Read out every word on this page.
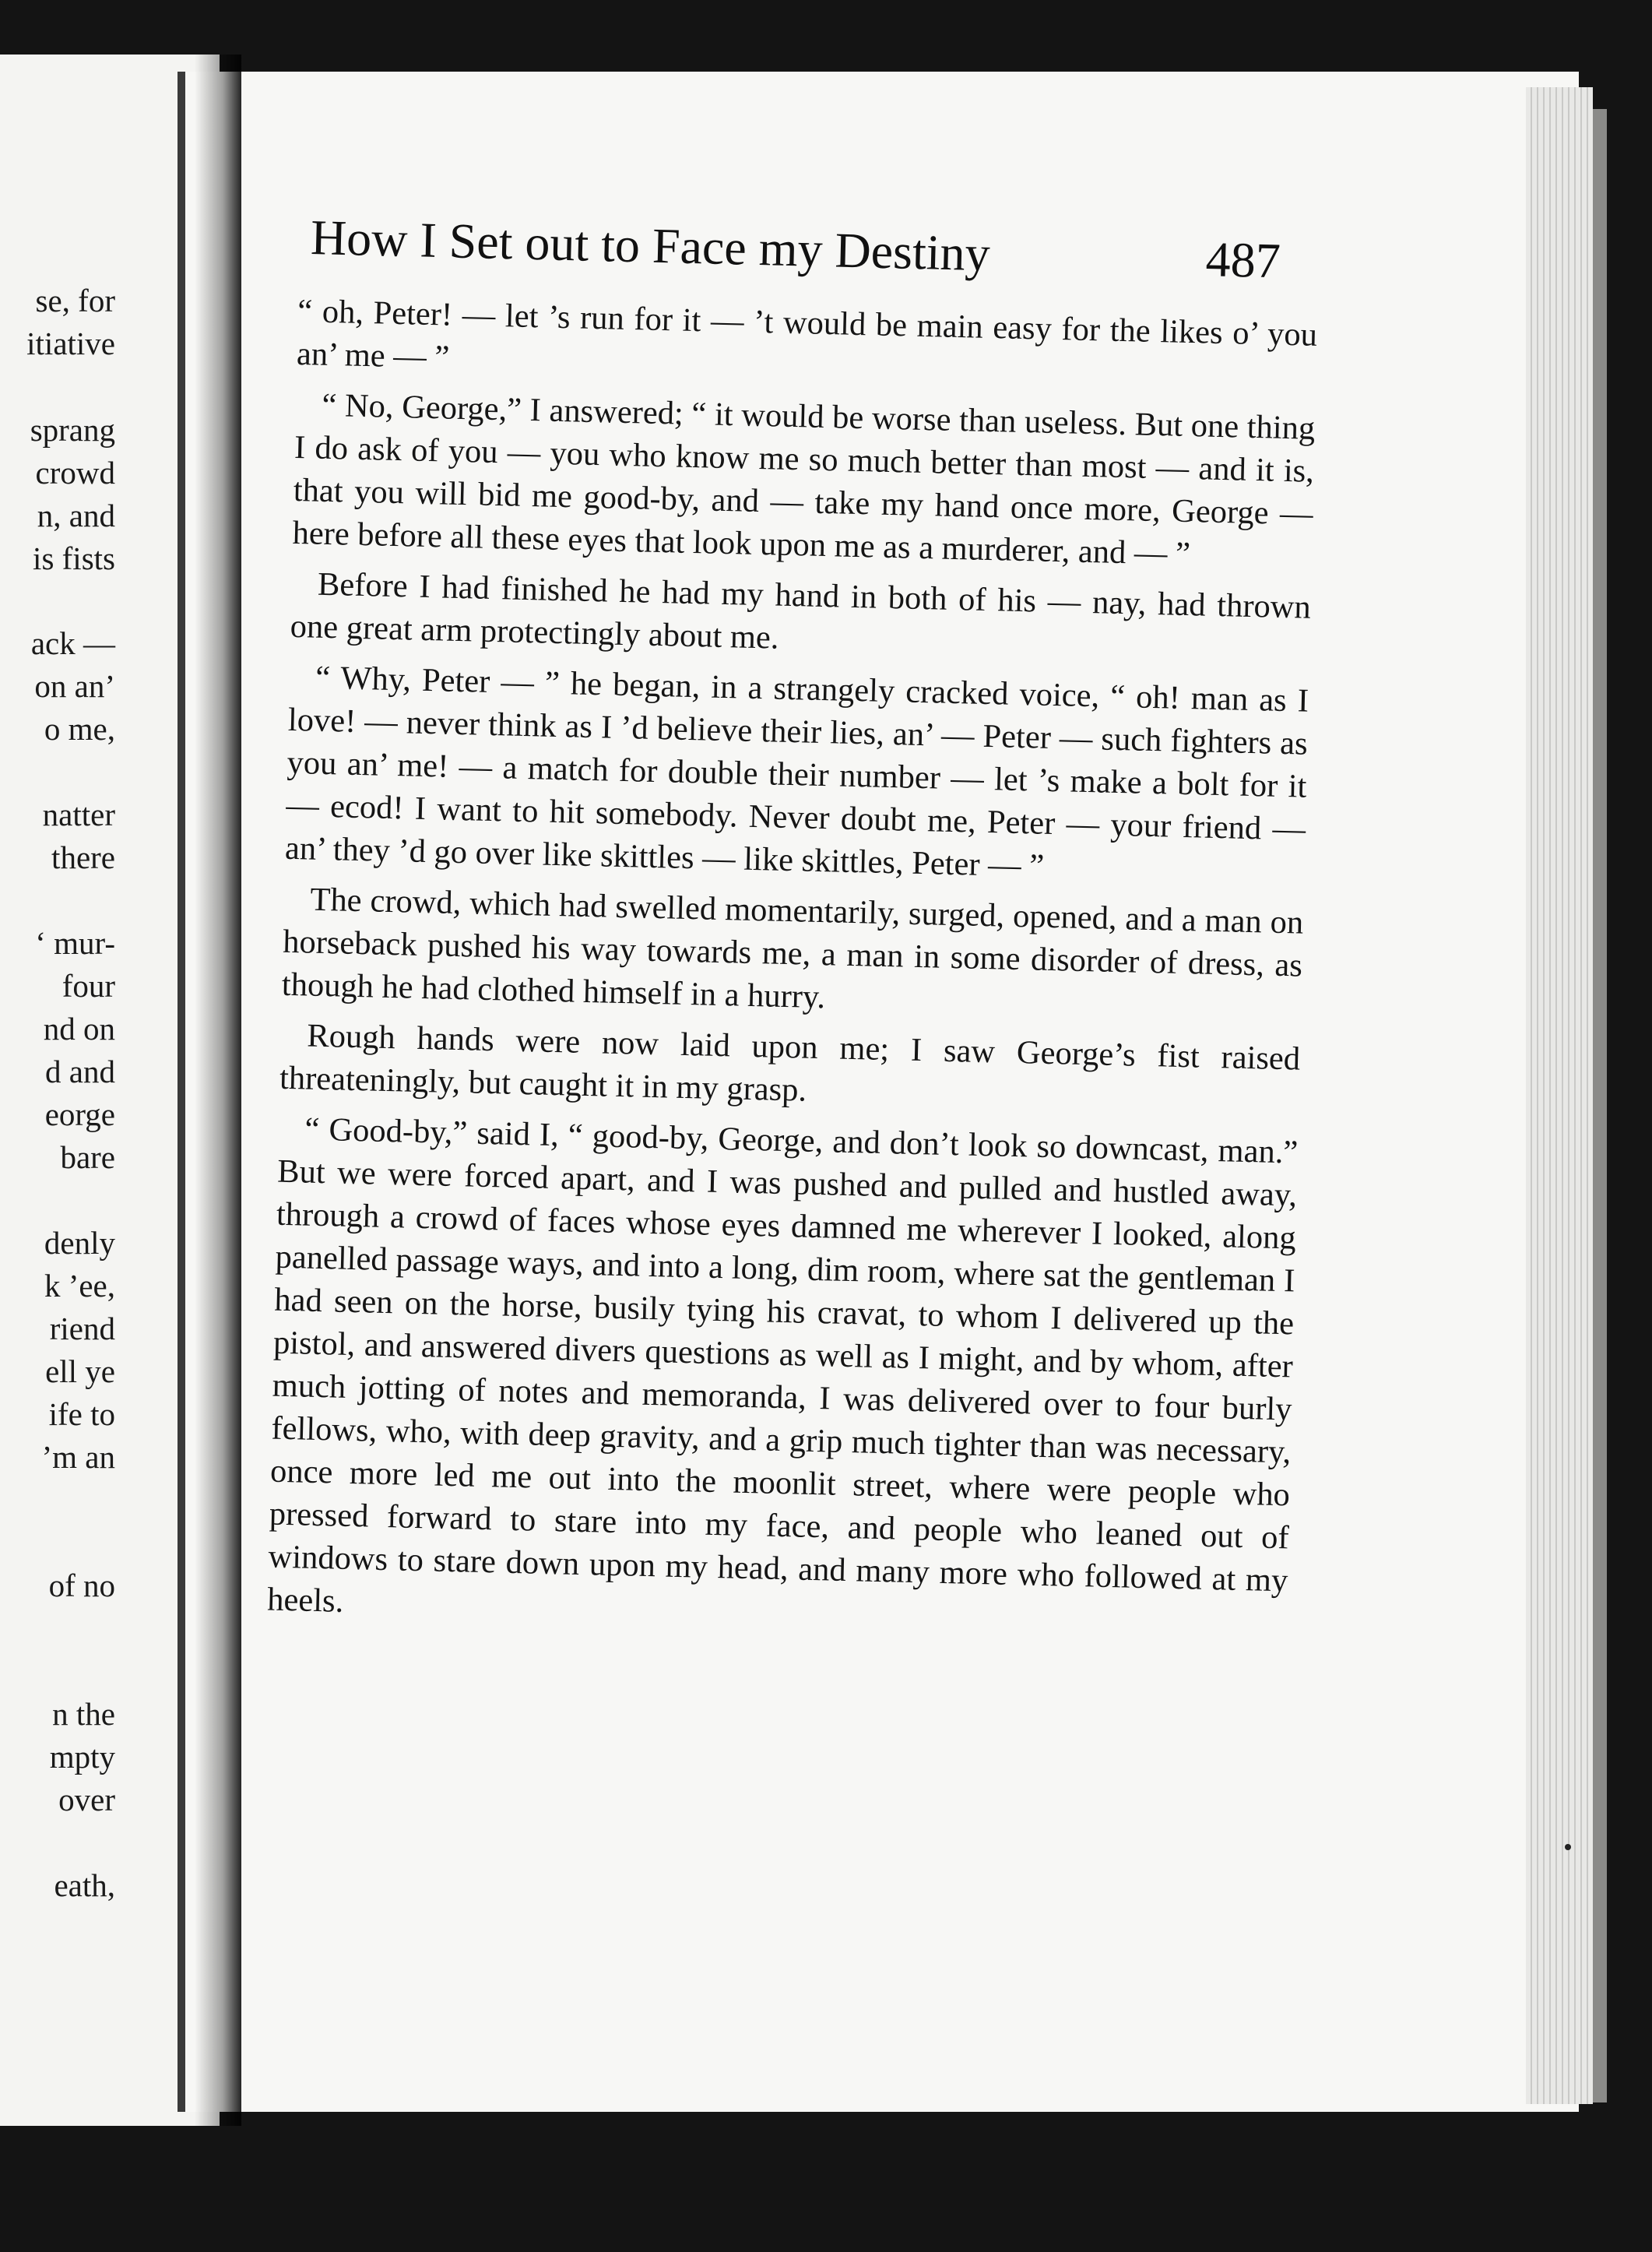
se, for
itiative
sprang
crowd
n, and
is fists
ack —
on an’
o me,
natter
there
‘ mur-
four
nd on
d and
eorge
bare
denly
k ’ee,
riend
ell ye
ife to
’m an
of no
n the
mpty
over
eath,
How I Set out to Face my Destiny	487

“ oh, Peter! — let ’s run for it — ’t would be main easy for the likes o’ you an’ me — ”

“ No, George,” I answered; “ it would be worse than useless. But one thing I do ask of you — you who know me so much better than most — and it is, that you will bid me good-by, and — take my hand once more, George — here before all these eyes that look upon me as a murderer, and — ”

Before I had finished he had my hand in both of his — nay, had thrown one great arm protectingly about me.

“ Why, Peter — ” he began, in a strangely cracked voice, “ oh! man as I love! — never think as I ’d believe their lies, an’ — Peter — such fighters as you an’ me! — a match for double their number — let ’s make a bolt for it — ecod! I want to hit somebody. Never doubt me, Peter — your friend — an’ they ’d go over like skittles — like skittles, Peter — ”

The crowd, which had swelled momentarily, surged, opened, and a man on horseback pushed his way towards me, a man in some disorder of dress, as though he had clothed himself in a hurry.

Rough hands were now laid upon me; I saw George’s fist raised threateningly, but caught it in my grasp.

“ Good-by,” said I, “ good-by, George, and don’t look so downcast, man.” But we were forced apart, and I was pushed and pulled and hustled away, through a crowd of faces whose eyes damned me wherever I looked, along panelled passage ways, and into a long, dim room, where sat the gentleman I had seen on the horse, busily tying his cravat, to whom I delivered up the pistol, and answered divers questions as well as I might, and by whom, after much jotting of notes and memoranda, I was delivered over to four burly fellows, who, with deep gravity, and a grip much tighter than was necessary, once more led me out into the moonlit street, where were people who pressed forward to stare into my face, and people who leaned out of windows to stare down upon my head, and many more who followed at my heels.
